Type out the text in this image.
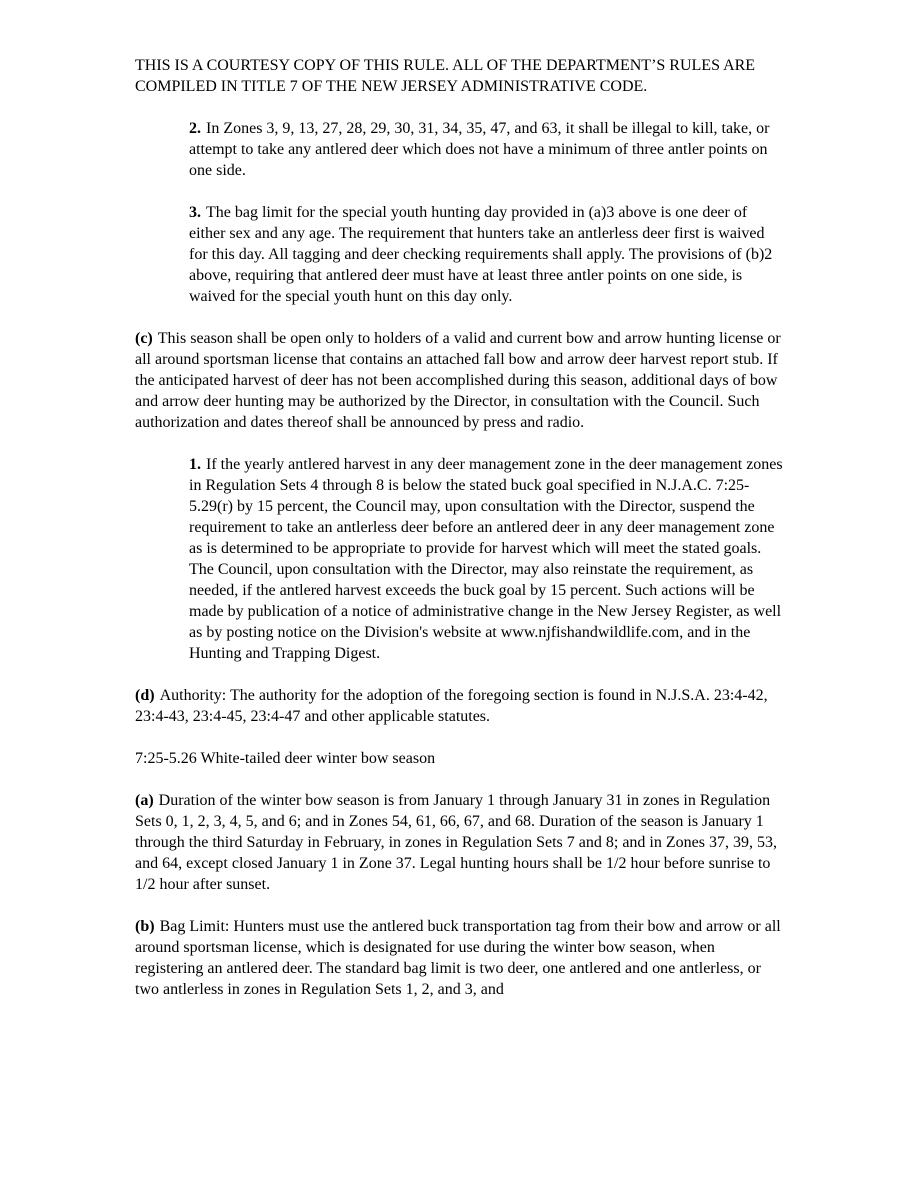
THIS IS A COURTESY COPY OF THIS RULE. ALL OF THE DEPARTMENT’S RULES ARE COMPILED IN TITLE 7 OF THE NEW JERSEY ADMINISTRATIVE CODE.

2. In Zones 3, 9, 13, 27, 28, 29, 30, 31, 34, 35, 47, and 63, it shall be illegal to kill, take, or attempt to take any antlered deer which does not have a minimum of three antler points on one side.

3. The bag limit for the special youth hunting day provided in (a)3 above is one deer of either sex and any age. The requirement that hunters take an antlerless deer first is waived for this day. All tagging and deer checking requirements shall apply. The provisions of (b)2 above, requiring that antlered deer must have at least three antler points on one side, is waived for the special youth hunt on this day only.

(c) This season shall be open only to holders of a valid and current bow and arrow hunting license or all around sportsman license that contains an attached fall bow and arrow deer harvest report stub. If the anticipated harvest of deer has not been accomplished during this season, additional days of bow and arrow deer hunting may be authorized by the Director, in consultation with the Council. Such authorization and dates thereof shall be announced by press and radio.

1. If the yearly antlered harvest in any deer management zone in the deer management zones in Regulation Sets 4 through 8 is below the stated buck goal specified in N.J.A.C. 7:25-5.29(r) by 15 percent, the Council may, upon consultation with the Director, suspend the requirement to take an antlerless deer before an antlered deer in any deer management zone as is determined to be appropriate to provide for harvest which will meet the stated goals. The Council, upon consultation with the Director, may also reinstate the requirement, as needed, if the antlered harvest exceeds the buck goal by 15 percent. Such actions will be made by publication of a notice of administrative change in the New Jersey Register, as well as by posting notice on the Division's website at www.njfishandwildlife.com, and in the Hunting and Trapping Digest.

(d) Authority: The authority for the adoption of the foregoing section is found in N.J.S.A. 23:4-42, 23:4-43, 23:4-45, 23:4-47 and other applicable statutes.

7:25-5.26 White-tailed deer winter bow season

(a) Duration of the winter bow season is from January 1 through January 31 in zones in Regulation Sets 0, 1, 2, 3, 4, 5, and 6; and in Zones 54, 61, 66, 67, and 68. Duration of the season is January 1 through the third Saturday in February, in zones in Regulation Sets 7 and 8; and in Zones 37, 39, 53, and 64, except closed January 1 in Zone 37. Legal hunting hours shall be 1/2 hour before sunrise to 1/2 hour after sunset.

(b) Bag Limit: Hunters must use the antlered buck transportation tag from their bow and arrow or all around sportsman license, which is designated for use during the winter bow season, when registering an antlered deer. The standard bag limit is two deer, one antlered and one antlerless, or two antlerless in zones in Regulation Sets 1, 2, and 3, and
